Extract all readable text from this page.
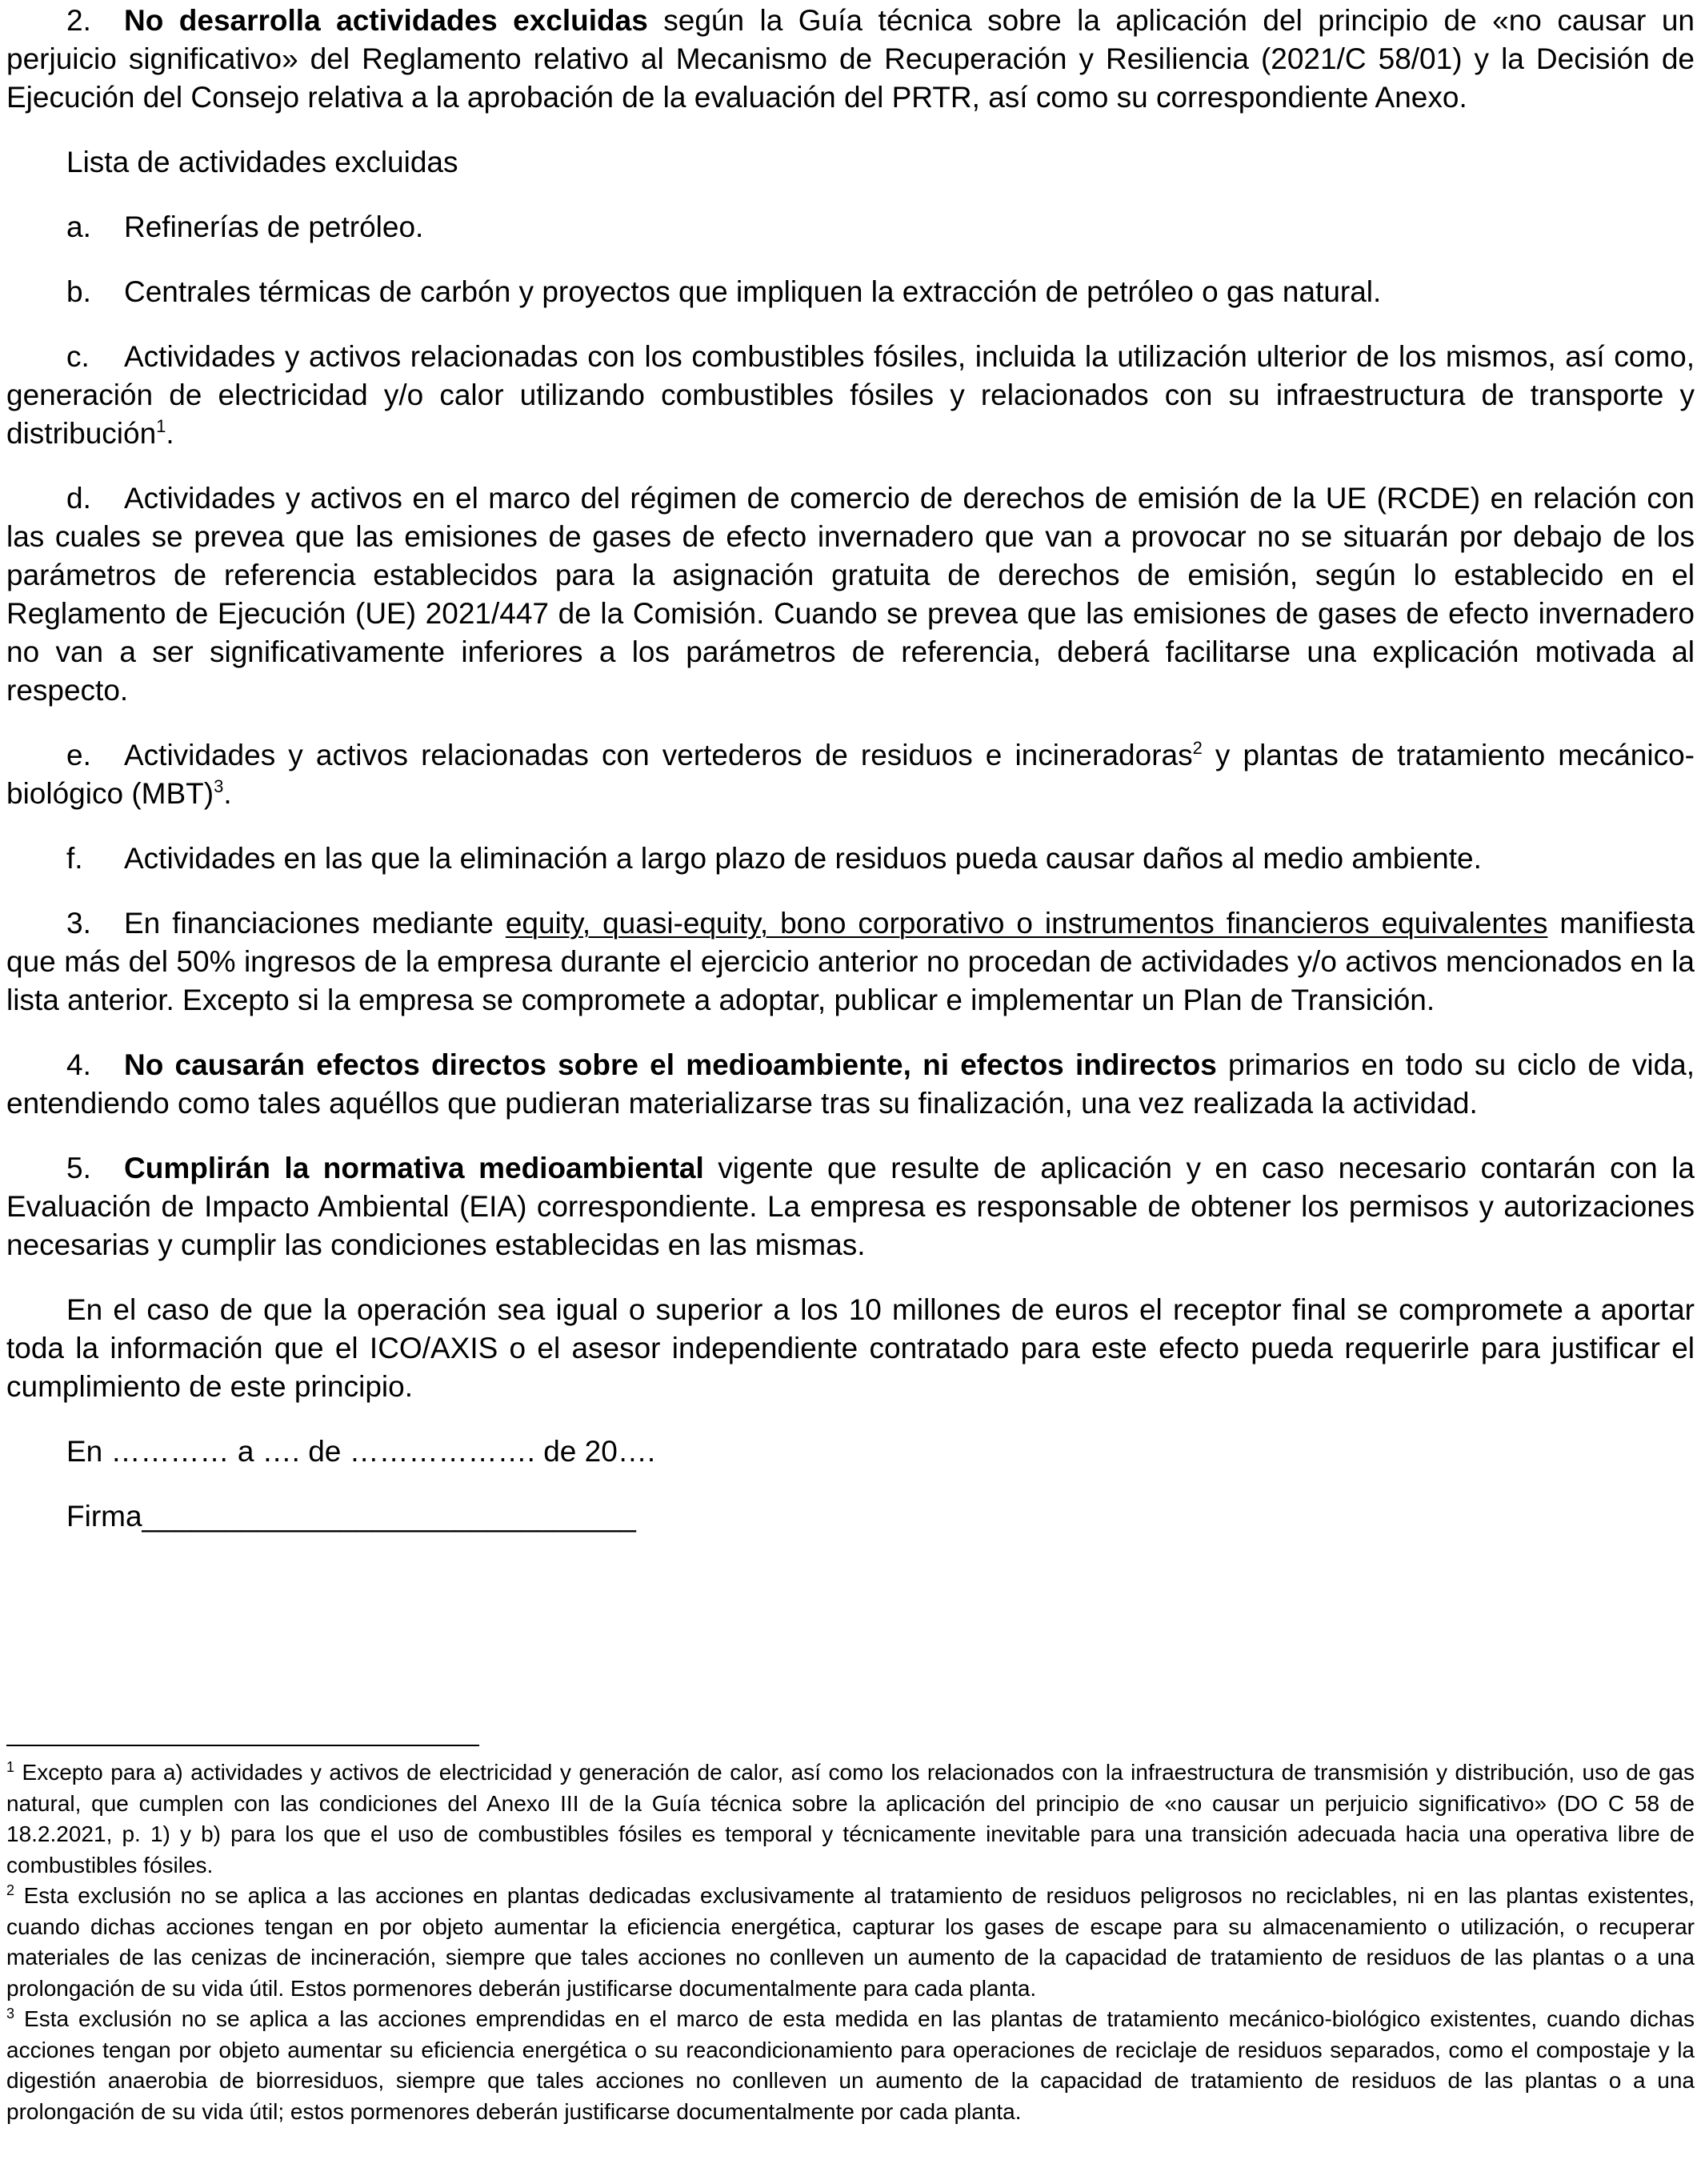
2. No desarrolla actividades excluidas según la Guía técnica sobre la aplicación del principio de «no causar un perjuicio significativo» del Reglamento relativo al Mecanismo de Recuperación y Resiliencia (2021/C 58/01) y la Decisión de Ejecución del Consejo relativa a la aprobación de la evaluación del PRTR, así como su correspondiente Anexo.

Lista de actividades excluidas

a. Refinerías de petróleo.

b. Centrales térmicas de carbón y proyectos que impliquen la extracción de petróleo o gas natural.

c. Actividades y activos relacionadas con los combustibles fósiles, incluida la utilización ulterior de los mismos, así como, generación de electricidad y/o calor utilizando combustibles fósiles y relacionados con su infraestructura de transporte y distribución$^1$.

d. Actividades y activos en el marco del régimen de comercio de derechos de emisión de la UE (RCDE) en relación con las cuales se prevea que las emisiones de gases de efecto invernadero que van a provocar no se situarán por debajo de los parámetros de referencia establecidos para la asignación gratuita de derechos de emisión, según lo establecido en el Reglamento de Ejecución (UE) 2021/447 de la Comisión. Cuando se prevea que las emisiones de gases de efecto invernadero no van a ser significativamente inferiores a los parámetros de referencia, deberá facilitarse una explicación motivada al respecto.

e. Actividades y activos relacionadas con vertederos de residuos e incineradoras$^2$ y plantas de tratamiento mecánico-biológico (MBT)$^3$.

f. Actividades en las que la eliminación a largo plazo de residuos pueda causar daños al medio ambiente.

3. En financiaciones mediante equity, quasi-equity, bono corporativo o instrumentos financieros equivalentes manifiesta que más del 50% ingresos de la empresa durante el ejercicio anterior no procedan de actividades y/o activos mencionados en la lista anterior. Excepto si la empresa se compromete a adoptar, publicar e implementar un Plan de Transición.

4. No causarán efectos directos sobre el medioambiente, ni efectos indirectos primarios en todo su ciclo de vida, entendiendo como tales aquéllos que pudieran materializarse tras su finalización, una vez realizada la actividad.

5. Cumplirán la normativa medioambiental vigente que resulte de aplicación y en caso necesario contarán con la Evaluación de Impacto Ambiental (EIA) correspondiente. La empresa es responsable de obtener los permisos y autorizaciones necesarias y cumplir las condiciones establecidas en las mismas.

En el caso de que la operación sea igual o superior a los 10 millones de euros el receptor final se compromete a aportar toda la información que el ICO/AXIS o el asesor independiente contratado para este efecto pueda requerirle para justificar el cumplimiento de este principio.

En ………… a …. de ………………. de 20….

Firma______________________________

$^1$ Excepto para a) actividades y activos de electricidad y generación de calor, así como los relacionados con la infraestructura de transmisión y distribución, uso de gas natural, que cumplen con las condiciones del Anexo III de la Guía técnica sobre la aplicación del principio de «no causar un perjuicio significativo» (DO C 58 de 18.2.2021, p. 1) y b) para los que el uso de combustibles fósiles es temporal y técnicamente inevitable para una transición adecuada hacia una operativa libre de combustibles fósiles.

$^2$ Esta exclusión no se aplica a las acciones en plantas dedicadas exclusivamente al tratamiento de residuos peligrosos no reciclables, ni en las plantas existentes, cuando dichas acciones tengan en por objeto aumentar la eficiencia energética, capturar los gases de escape para su almacenamiento o utilización, o recuperar materiales de las cenizas de incineración, siempre que tales acciones no conlleven un aumento de la capacidad de tratamiento de residuos de las plantas o a una prolongación de su vida útil. Estos pormenores deberán justificarse documentalmente para cada planta.

$^3$ Esta exclusión no se aplica a las acciones emprendidas en el marco de esta medida en las plantas de tratamiento mecánico-biológico existentes, cuando dichas acciones tengan por objeto aumentar su eficiencia energética o su reacondicionamiento para operaciones de reciclaje de residuos separados, como el compostaje y la digestión anaerobia de biorresiduos, siempre que tales acciones no conlleven un aumento de la capacidad de tratamiento de residuos de las plantas o a una prolongación de su vida útil; estos pormenores deberán justificarse documentalmente por cada planta.
